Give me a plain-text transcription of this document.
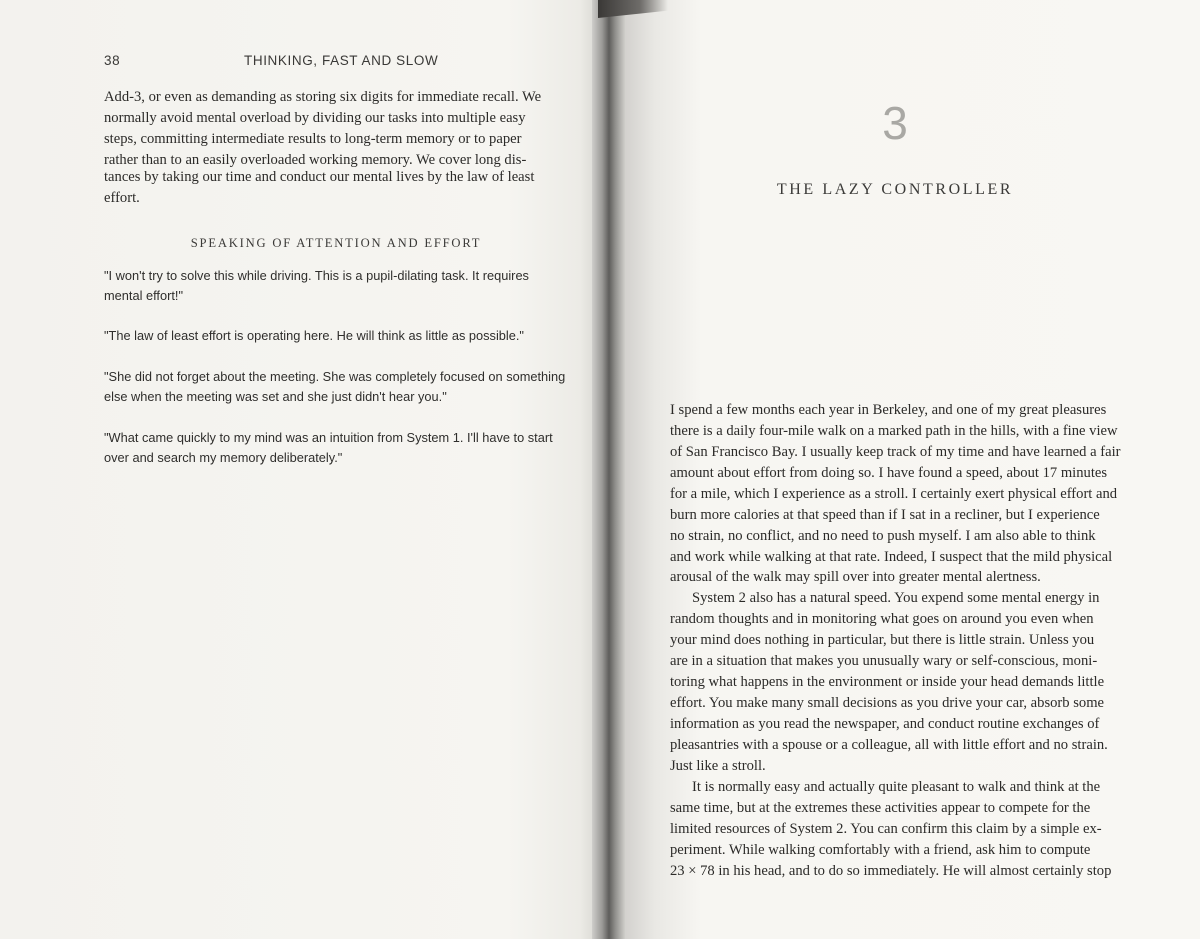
38	THINKING, FAST AND SLOW
Add-3, or even as demanding as storing six digits for immediate recall. We
normally avoid mental overload by dividing our tasks into multiple easy
steps, committing intermediate results to long-term memory or to paper
rather than to an easily overloaded working memory. We cover long dis-
tances by taking our time and conduct our mental lives by the law of least
effort.
SPEAKING OF ATTENTION AND EFFORT
"I won't try to solve this while driving. This is a pupil-dilating task. It requires
mental effort!"
"The law of least effort is operating here. He will think as little as possible."
"She did not forget about the meeting. She was completely focused on something
else when the meeting was set and she just didn't hear you."
"What came quickly to my mind was an intuition from System 1. I'll have to start
over and search my memory deliberately."
3
THE LAZY CONTROLLER
I spend a few months each year in Berkeley, and one of my great pleasures
there is a daily four-mile walk on a marked path in the hills, with a fine view
of San Francisco Bay. I usually keep track of my time and have learned a fair
amount about effort from doing so. I have found a speed, about 17 minutes
for a mile, which I experience as a stroll. I certainly exert physical effort and
burn more calories at that speed than if I sat in a recliner, but I experience
no strain, no conflict, and no need to push myself. I am also able to think
and work while walking at that rate. Indeed, I suspect that the mild physical
arousal of the walk may spill over into greater mental alertness.
System 2 also has a natural speed. You expend some mental energy in
random thoughts and in monitoring what goes on around you even when
your mind does nothing in particular, but there is little strain. Unless you
are in a situation that makes you unusually wary or self-conscious, moni-
toring what happens in the environment or inside your head demands little
effort. You make many small decisions as you drive your car, absorb some
information as you read the newspaper, and conduct routine exchanges of
pleasantries with a spouse or a colleague, all with little effort and no strain.
Just like a stroll.
It is normally easy and actually quite pleasant to walk and think at the
same time, but at the extremes these activities appear to compete for the
limited resources of System 2. You can confirm this claim by a simple ex-
periment. While walking comfortably with a friend, ask him to compute
23 × 78 in his head, and to do so immediately. He will almost certainly stop
